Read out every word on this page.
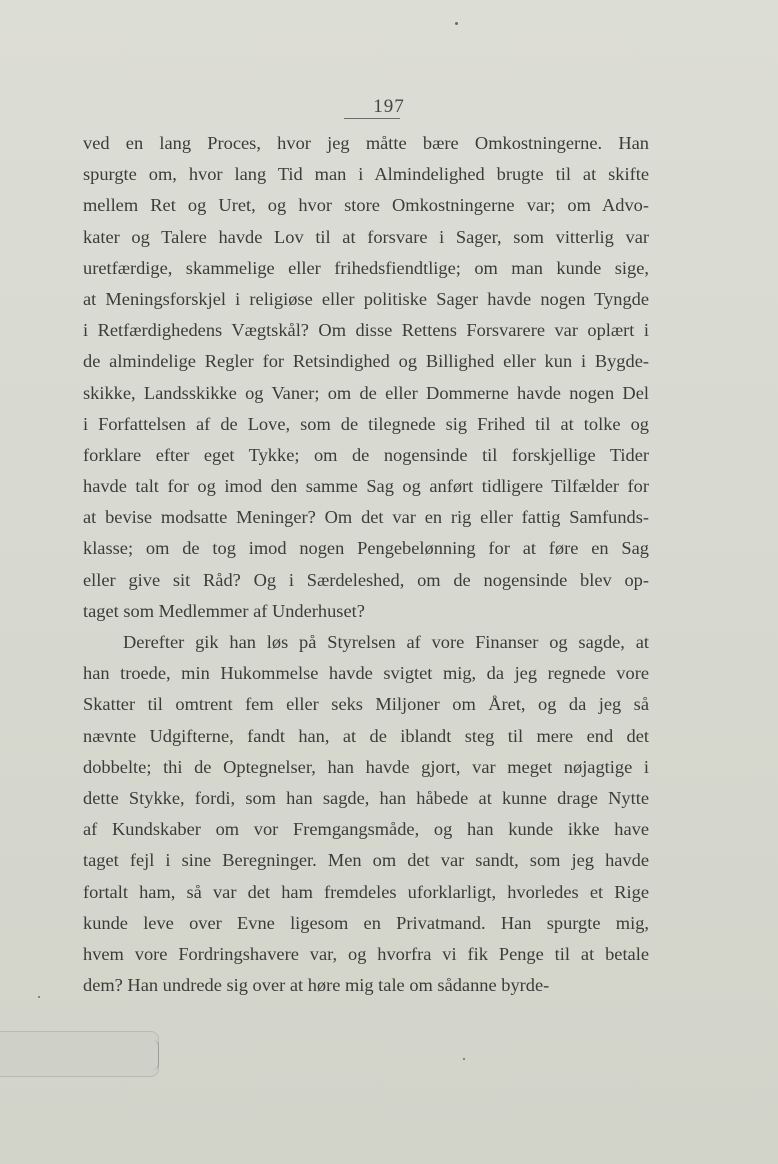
197
ved en lang Proces, hvor jeg måtte bære Omkostningerne. Han
spurgte om, hvor lang Tid man i Almindelighed brugte til at skifte
mellem Ret og Uret, og hvor store Omkostningerne var; om Advo-
kater og Talere havde Lov til at forsvare i Sager, som vitterlig var
uretfærdige, skammelige eller frihedsfiendtlige; om man kunde sige,
at Meningsforskjel i religiøse eller politiske Sager havde nogen Tyngde
i Retfærdighedens Vægtskål? Om disse Rettens Forsvarere var oplært i
de almindelige Regler for Retsindighed og Billighed eller kun i Bygde-
skikke, Landsskikke og Vaner; om de eller Dommerne havde nogen Del
i Forfattelsen af de Love, som de tilegnede sig Frihed til at tolke og
forklare efter eget Tykke; om de nogensinde til forskjellige Tider
havde talt for og imod den samme Sag og anført tidligere Tilfælder for
at bevise modsatte Meninger? Om det var en rig eller fattig Samfunds-
klasse; om de tog imod nogen Pengebelønning for at føre en Sag
eller give sit Råd? Og i Særdeleshed, om de nogensinde blev op-
taget som Medlemmer af Underhuset?
Derefter gik han løs på Styrelsen af vore Finanser og sagde, at
han troede, min Hukommelse havde svigtet mig, da jeg regnede vore
Skatter til omtrent fem eller seks Miljoner om Året, og da jeg så
nævnte Udgifterne, fandt han, at de iblandt steg til mere end det
dobbelte; thi de Optegnelser, han havde gjort, var meget nøjagtige i
dette Stykke, fordi, som han sagde, han håbede at kunne drage Nytte
af Kundskaber om vor Fremgangsmåde, og han kunde ikke have
taget fejl i sine Beregninger. Men om det var sandt, som jeg havde
fortalt ham, så var det ham fremdeles uforklarligt, hvorledes et Rige
kunde leve over Evne ligesom en Privatmand. Han spurgte mig,
hvem vore Fordringshavere var, og hvorfra vi fik Penge til at betale
dem? Han undrede sig over at høre mig tale om sådanne byrde-
